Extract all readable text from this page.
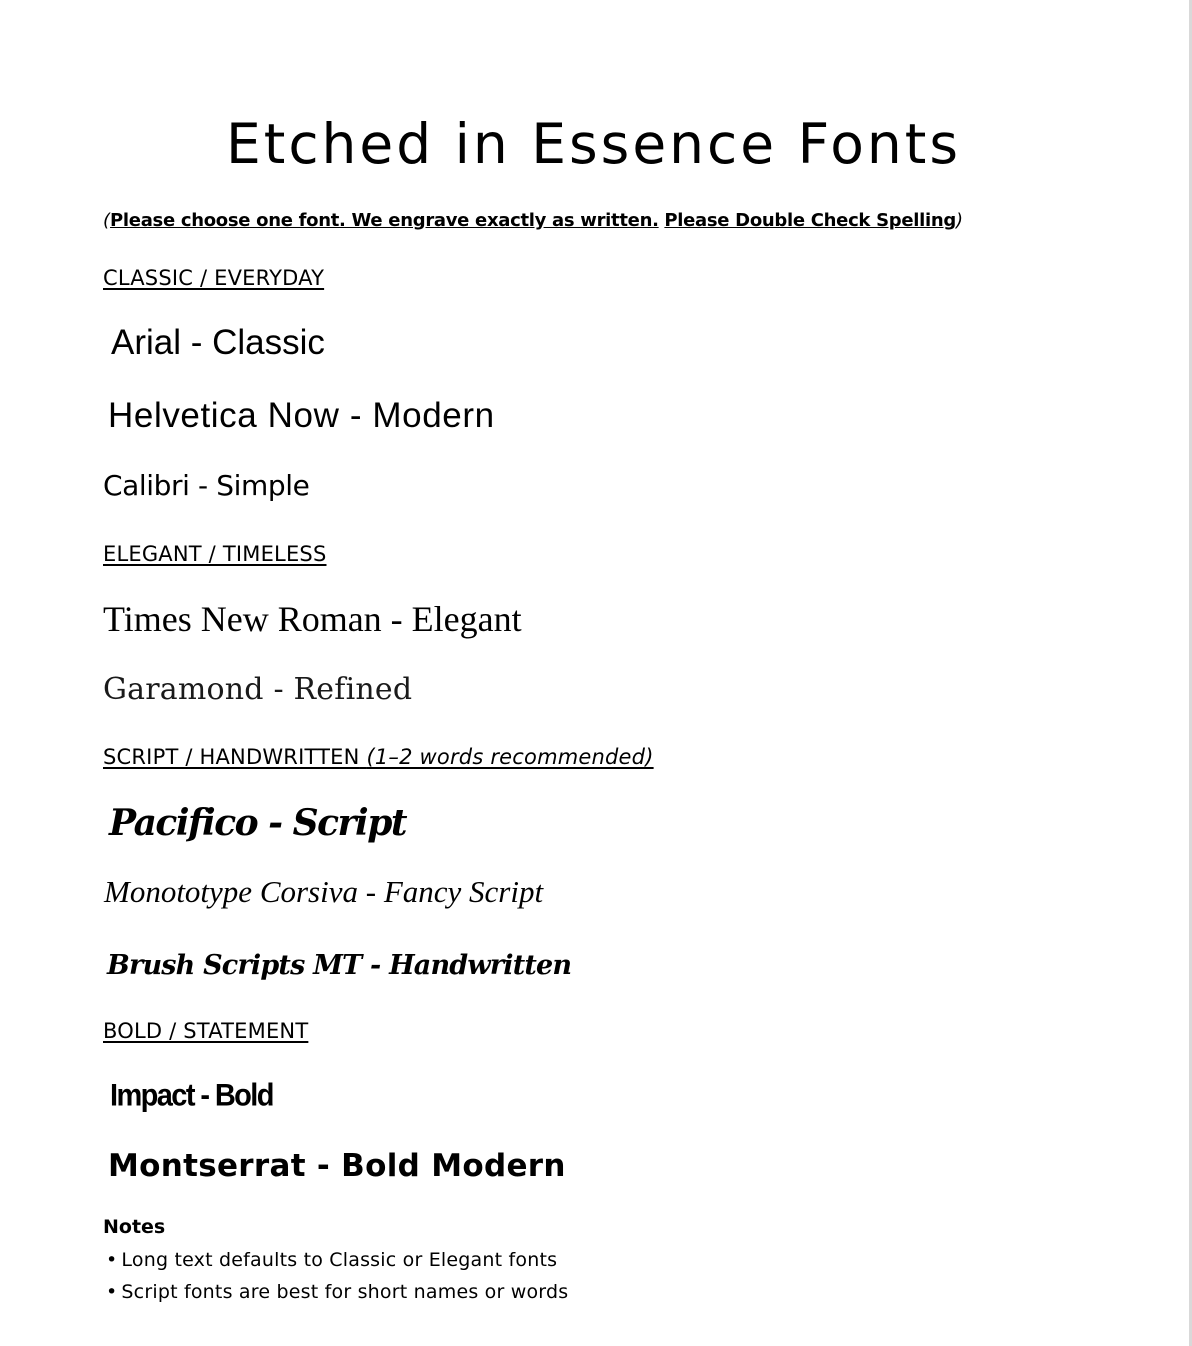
Etched in Essence Fonts

(Please choose one font. We engrave exactly as written. Please Double Check Spelling)

CLASSIC / EVERYDAY
Arial - Classic
Helvetica Now - Modern
Calibri - Simple
ELEGANT / TIMELESS
Times New Roman - Elegant
Garamond - Refined
SCRIPT / HANDWRITTEN (1–2 words recommended)
Pacifico - Script
Monototype Corsiva - Fancy Script
Brush Scripts MT - Handwritten
BOLD / STATEMENT
Impact - Bold
Montserrat - Bold Modern
Notes
• Long text defaults to Classic or Elegant fonts
• Script fonts are best for short names or words
